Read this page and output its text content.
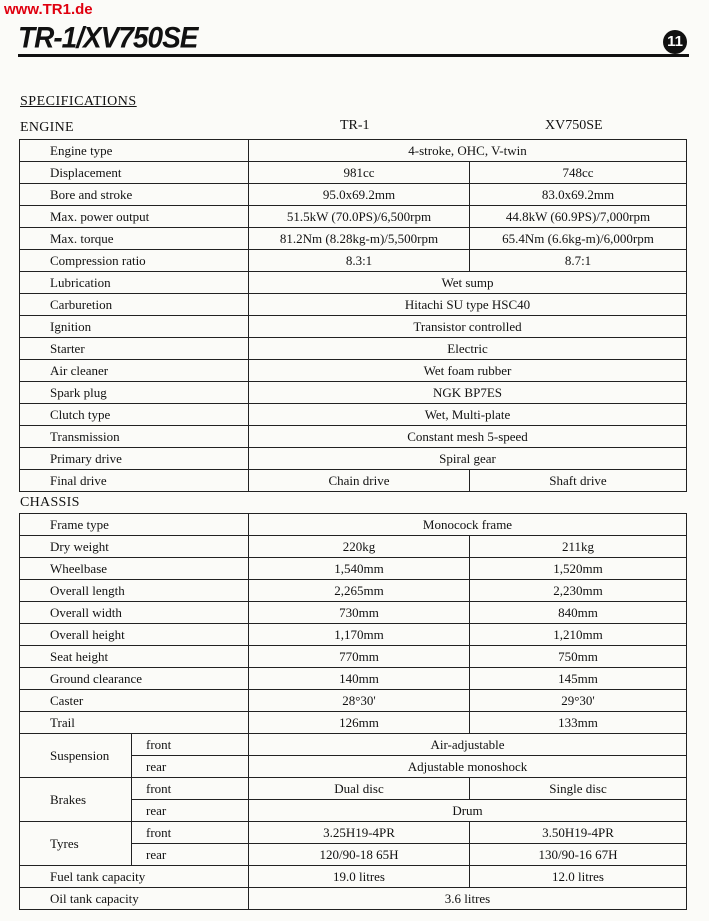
www.TR1.de
TR-1/XV750SE	11
SPECIFICATIONS
ENGINE	TR-1	XV750SE
Engine type	4-stroke, OHC, V-twin	
Displacement	981cc	748cc
Bore and stroke	95.0x69.2mm	83.0x69.2mm
Max. power output	51.5kW (70.0PS)/6,500rpm	44.8kW (60.9PS)/7,000rpm
Max. torque	81.2Nm (8.28kg-m)/5,500rpm	65.4Nm (6.6kg-m)/6,000rpm
Compression ratio	8.3:1	8.7:1
Lubrication	Wet sump	
Carburetion	Hitachi SU type HSC40	
Ignition	Transistor controlled	
Starter	Electric	
Air cleaner	Wet foam rubber	
Spark plug	NGK BP7ES	
Clutch type	Wet, Multi-plate	
Transmission	Constant mesh 5-speed	
Primary drive	Spiral gear	
Final drive	Chain drive	Shaft drive
CHASSIS
Frame type		Monocock frame	
Dry weight		220kg	211kg
Wheelbase		1,540mm	1,520mm
Overall length		2,265mm	2,230mm
Overall width		730mm	840mm
Overall height		1,170mm	1,210mm
Seat height		770mm	750mm
Ground clearance		140mm	145mm
Caster		28°30'	29°30'
Trail		126mm	133mm
Suspension	front	Air-adjustable	
	rear	Adjustable monoshock	
Brakes	front	Dual disc	Single disc
	rear	Drum	
Tyres	front	3.25H19-4PR	3.50H19-4PR
	rear	120/90-18 65H	130/90-16 67H
Fuel tank capacity		19.0 litres	12.0 litres
Oil tank capacity		3.6 litres	
